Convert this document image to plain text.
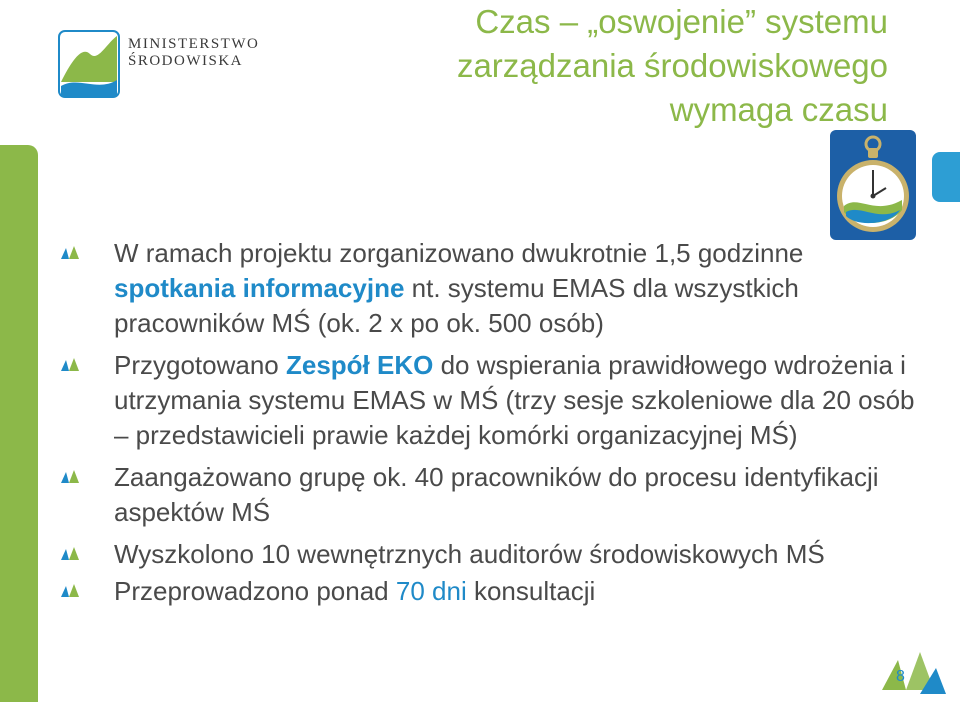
MINISTERSTWO
ŚRODOWISKA
Czas – „oswojenie” systemu
zarządzania środowiskowego
wymaga czasu
W ramach projektu zorganizowano dwukrotnie 1,5 godzinne spotkania informacyjne nt. systemu EMAS dla wszystkich pracowników MŚ (ok. 2 x po ok. 500 osób)
Przygotowano Zespół EKO do wspierania prawidłowego wdrożenia i utrzymania systemu EMAS w MŚ (trzy sesje szkoleniowe dla 20 osób – przedstawicieli prawie każdej komórki organizacyjnej MŚ)
Zaangażowano grupę ok. 40 pracowników do procesu identyfikacji aspektów MŚ
Wyszkolono 10 wewnętrznych auditorów środowiskowych MŚ
Przeprowadzono ponad 70 dni konsultacji
8
